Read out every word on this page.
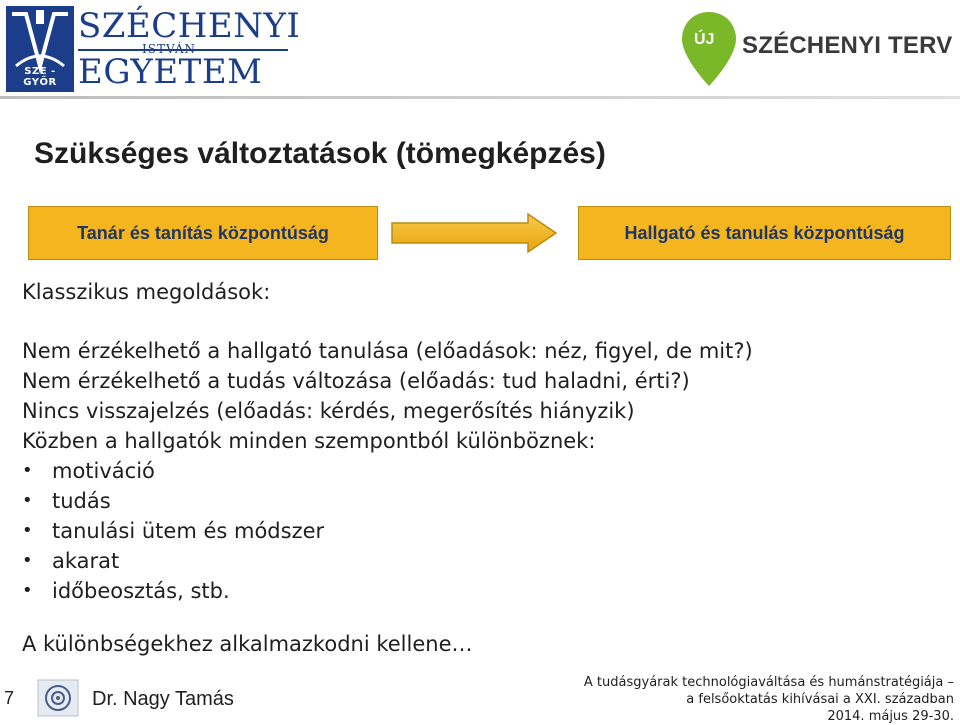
SZE - GYŐR
SZÉCHENYI
ISTVÁN
EGYETEM
ÚJ SZÉCHENYI TERV
Szükséges változtatások (tömegképzés)
Tanár és tanítás központúság	Hallgató és tanulás központúság
Klasszikus megoldások:
Nem érzékelhető a hallgató tanulása (előadások: néz, figyel, de mit?)
Nem érzékelhető a tudás változása (előadás: tud haladni, érti?)
Nincs visszajelzés (előadás: kérdés, megerősítés hiányzik)
Közben a hallgatók minden szempontból különböznek:
• motiváció
• tudás
• tanulási ütem és módszer
• akarat
• időbeosztás, stb.
A különbségekhez alkalmazkodni kellene…
7	Dr. Nagy Tamás
A tudásgyárak technológiaváltása és humánstratégiája –
a felsőoktatás kihívásai a XXI. században
2014. május 29-30.
